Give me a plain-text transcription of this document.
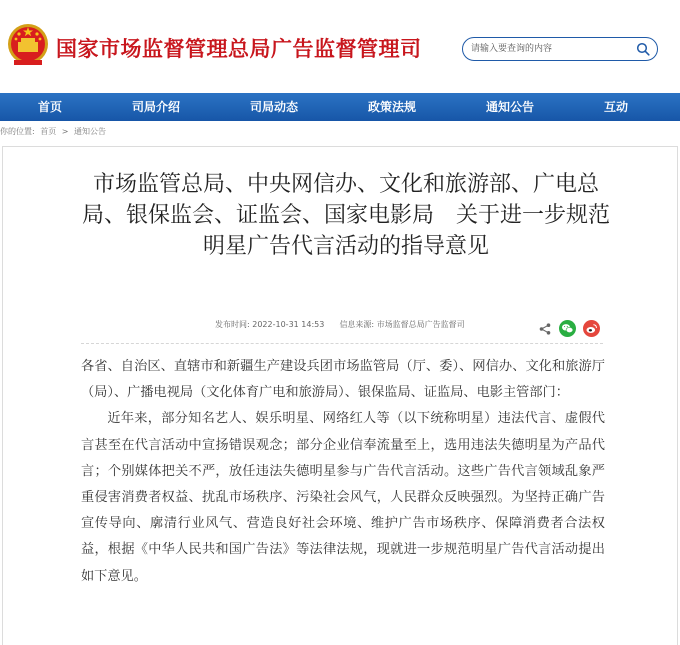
国家市场监督管理总局广告监督管理司
请输入要查询的内容
首页	司局介绍	司局动态	政策法规	通知公告	互动
你的位置: 首页 > 通知公告
市场监管总局、中央网信办、文化和旅游部、广电总局、银保监会、证监会、国家电影局　关于进一步规范明星广告代言活动的指导意见
发布时间: 2022-10-31 14:53 信息来源: 市场监督总局广告监督司

各省、自治区、直辖市和新疆生产建设兵团市场监管局（厅、委）、网信办、文化和旅游厅（局）、广播电视局（文化体育广电和旅游局）、银保监局、证监局、电影主管部门：

近年来，部分知名艺人、娱乐明星、网络红人等（以下统称明星）违法代言、虚假代言甚至在代言活动中宣扬错误观念；部分企业信奉流量至上，选用违法失德明星为产品代言；个别媒体把关不严，放任违法失德明星参与广告代言活动。这些广告代言领域乱象严重侵害消费者权益、扰乱市场秩序、污染社会风气，人民群众反映强烈。为坚持正确广告宣传导向、廓清行业风气、营造良好社会环境、维护广告市场秩序、保障消费者合法权益，根据《中华人民共和国广告法》等法律法规，现就进一步规范明星广告代言活动提出如下意见。
